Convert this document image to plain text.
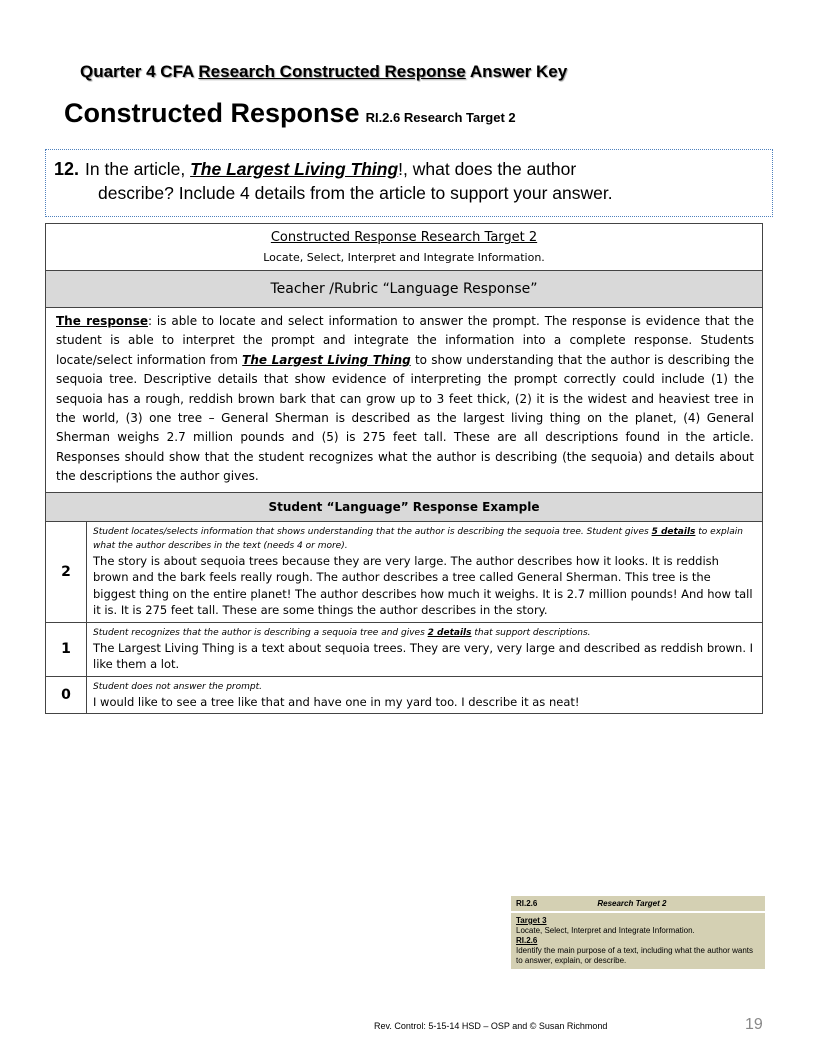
Quarter 4 CFA Research Constructed Response Answer Key
Constructed Response RI.2.6 Research Target 2
12. In the article, The Largest Living Thing!, what does the author
describe? Include 4 details from the article to support your answer.
Constructed Response Research Target 2
Locate, Select, Interpret and Integrate Information.	

Teacher /Rubric “Language Response”	
The response: is able to locate and select information to answer the prompt. The response is evidence that the student is able to interpret the prompt and integrate the information into a complete response. Students locate/select information from The Largest Living Thing to show understanding that the author is describing the sequoia tree. Descriptive details that show evidence of interpreting the prompt correctly could include (1) the sequoia has a rough, reddish brown bark that can grow up to 3 feet thick, (2) it is the widest and heaviest tree in the world, (3) one tree – General Sherman is described as the largest living thing on the planet, (4) General Sherman weighs 2.7 million pounds and (5) is 275 feet tall. These are all descriptions found in the article. Responses should show that the student recognizes what the author is describing (the sequoia) and details about the descriptions the author gives.	
Student “Language” Response Example	
2	Student locates/selects information that shows understanding that the author is describing the sequoia tree. Student gives 5 details to explain what the author describes in the text (needs 4 or more).
The story is about sequoia trees because they are very large. The author describes how it looks. It is reddish brown and the bark feels really rough. The author describes a tree called General Sherman. This tree is the biggest thing on the entire planet! The author describes how much it weighs. It is 2.7 million pounds! And how tall it is. It is 275 feet tall. These are some things the author describes in the story.

1	Student recognizes that the author is describing a sequoia tree and gives 2 details that support descriptions.
The Largest Living Thing is a text about sequoia trees. They are very, very large and described as reddish brown. I like them a lot.

0	Student does not answer the prompt.
I would like to see a tree like that and have one in my yard too. I describe it as neat!
RI.2.6	Research Target 2
Target 3
Locate, Select, Interpret and Integrate Information.
RI.2.6
Identify the main purpose of a text, including what the author wants to answer, explain, or describe.
Rev. Control: 5-15-14 HSD – OSP and © Susan Richmond	19
